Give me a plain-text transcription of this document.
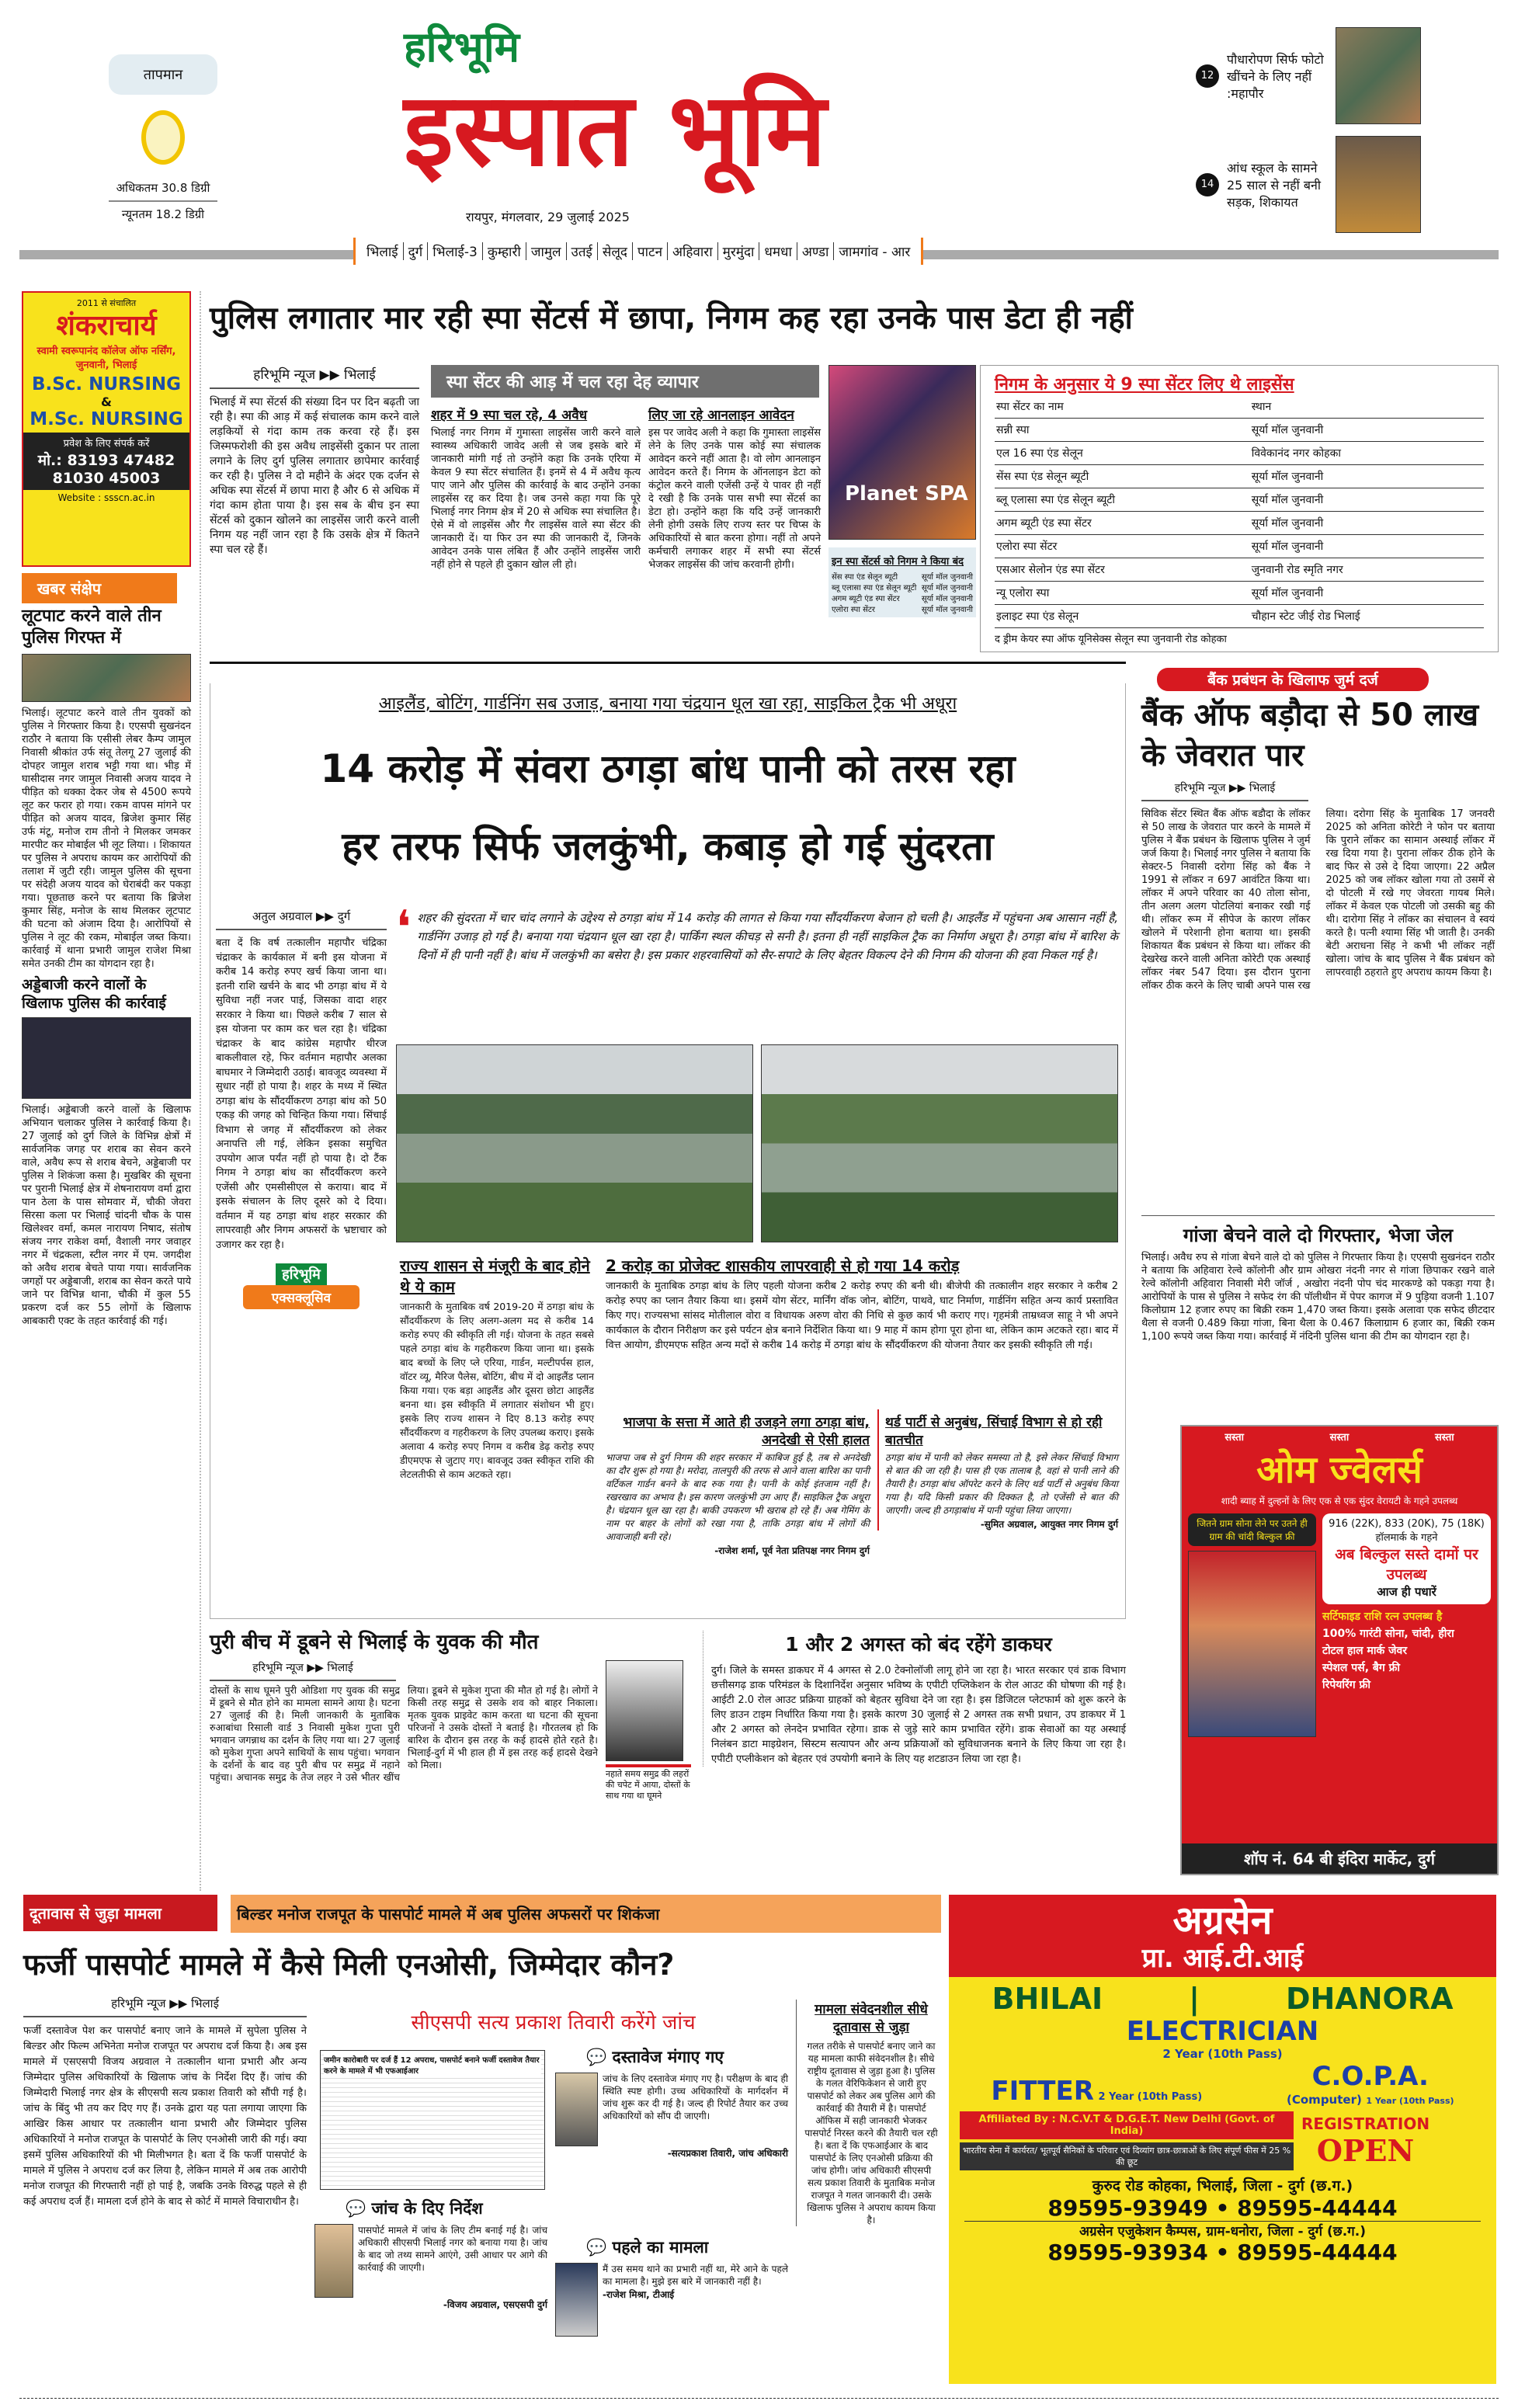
तापमान
अधिकतम 30.8 डिग्री
न्यूनतम 18.2 डिग्री
हरिभूमि
इस्पात भूमि
रायपुर, मंगलवार, 29 जुलाई 2025
12
पौधारोपण सिर्फ फोटो खींचने के लिए नहीं :महापौर
14
आंध स्कूल के सामने 25 साल से नहीं बनी सड़क, शिकायत
भिलाई दुर्ग भिलाई-3 कुम्हारी जामुल उतई सेलूद पाटन अहिवारा मुरमुंदा धमधा अण्डा जामगांव - आर
2011 से संचालित
शंकराचार्य
स्वामी स्वरूपानंद कॉलेज ऑफ नर्सिंग, जुनवानी, भिलाई
B.Sc. NURSING
&
M.Sc. NURSING
प्रवेश के लिए संपर्क करें
मो.: 83193 47482
81030 45003
Website : ssscn.ac.in
खबर संक्षेप
लूटपाट करने वाले तीन पुलिस गिरफ्त में

भिलाई। लूटपाट करने वाले तीन युवकों को पुलिस ने गिरफ्तार किया है। एएसपी सुखनंदन राठौर ने बताया कि एसीसी लेबर कैम्प जामुल निवासी श्रीकांत उर्फ संतू तेलगू 27 जुलाई की दोपहर जामुल शराब भट्टी गया था। भीड़ में घासीदास नगर जामुल निवासी अजय यादव ने पीड़ित को धक्का देकर जेब से 4500 रूपये लूट कर फरार हो गया। रकम वापस मांगने पर पीड़ित को अजय यादव, ब्रिजेश कुमार सिंह उर्फ मंटू, मनोज राम तीनो ने मिलकर जमकर मारपीट कर मोबाईल भी लूट लिया। । शिकायत पर पुलिस ने अपराध कायम कर आरोपियों की तलाश में जुटी रही। जामुल पुलिस की सूचना पर संदेही अजय यादव को घेराबंदी कर पकड़ा गया। पूछताछ करने पर बताया कि ब्रिजेश कुमार सिंह, मनोज के साथ मिलकर लूटपाट की घटना को अंजाम दिया है। आरोपियों से पुलिस ने लूट की रकम, मोबाईल जब्त किया। कार्रवाई में थाना प्रभारी जामुल राजेश मिश्रा समेत उनकी टीम का योगदान रहा है।

अड्डेबाजी करने वालों के खिलाफ पुलिस की कार्रवाई

भिलाई। अड्डेबाजी करने वालों के खिलाफ अभियान चलाकर पुलिस ने कार्रवाई किया है। 27 जुलाई को दुर्ग जिले के विभिन्न क्षेत्रों में सार्वजनिक जगह पर शराब का सेवन करने वाले, अवैध रूप से शराब बेचने, अड्डेबाजी पर पुलिस ने शिकंजा कसा है। मुखबिर की सूचना पर पुरानी भिलाई क्षेत्र में शेषनारायण वर्मा द्वारा पान ठेला के पास सोमवार में, चौकी जेवरा सिरसा कला पर भिलाई चांदनी चौक के पास खिलेश्वर वर्मा, कमल नारायण निषाद, संतोष संजय नगर राकेश वर्मा, वैशाली नगर जवाहर नगर में चंद्रकला, स्टील नगर में एम. जगदीश को अवैध शराब बेचते पाया गया। सार्वजनिक जगहों पर अड्डेबाजी, शराब का सेवन करते पाये जाने पर विभिन्न थाना, चौकी में कुल 55 प्रकरण दर्ज कर 55 लोगों के खिलाफ आबकारी एक्ट के तहत कार्रवाई की गई।

पुलिस लगातार मार रही स्पा सेंटर्स में छापा, निगम कह रहा उनके पास डेटा ही नहीं
हरिभूमि न्यूज ▶▶ भिलाई

भिलाई में स्पा सेंटर्स की संख्या दिन पर दिन बढ़ती जा रही है। स्पा की आड़ में कई संचालक काम करने वाले लड़कियों से गंदा काम तक करवा रहे हैं। इस जिस्मफरोशी की इस अवैध लाइसेंसी दुकान पर ताला लगाने के लिए दुर्ग पुलिस लगातार छापेमार कार्रवाई कर रही है। पुलिस ने दो महीने के अंदर एक दर्जन से अधिक स्पा सेंटर्स में छापा मारा है और 6 से अधिक में गंदा काम होता पाया है। इस सब के बीच इन स्पा सेंटर्स को दुकान खोलने का लाइसेंस जारी करने वाली निगम यह नहीं जान रहा है कि उसके क्षेत्र में कितने स्पा चल रहे हैं।

स्पा सेंटर की आड़ में चल रहा देह व्यापार
शहर में 9 स्पा चल रहे, 4 अवैध

भिलाई नगर निगम में गुमास्ता लाइसेंस जारी करने वाले स्वास्थ्य अधिकारी जावेद अली से जब इसके बारे में जानकारी मांगी गई तो उन्होंने कहा कि उनके एरिया में केवल 9 स्पा सेंटर संचालित हैं। इनमें से 4 में अवैध कृत्य पाए जाने और पुलिस की कार्रवाई के बाद उन्होंने उनका लाइसेंस रद्द कर दिया है। जब उनसे कहा गया कि पूरे भिलाई नगर निगम क्षेत्र में 20 से अधिक स्पा संचालित है। ऐसे में वो लाइसेंस और गैर लाइसेंस वाले स्पा सेंटर की जानकारी दें। या फिर उन स्पा की जानकारी दें, जिनके आवेदन उनके पास लंबित हैं और उन्होंने लाइसेंस जारी नहीं होने से पहले ही दुकान खोल ली हो।

लिए जा रहे आनलाइन आवेदन

इस पर जावेद अली ने कहा कि गुमास्ता लाइसेंस लेने के लिए उनके पास कोई स्पा संचालक आवेदन करने नहीं आता है। वो लोग आनलाइन आवेदन करते हैं। निगम के ऑनलाइन डेटा को कंट्रोल करने वाली एजेंसी उन्हें ये पावर ही नहीं दे रखी है कि उनके पास सभी स्पा सेंटर्स का डेटा हो। उन्होंने कहा कि यदि उन्हें जानकारी लेनी होगी उसके लिए राज्य स्तर पर चिप्स के अधिकारियों से बात करना होगा। नहीं तो अपने कर्मचारी लगाकर शहर में सभी स्पा सेंटर्स भेजकर लाइसेंस की जांच करवानी होगी।

Planet SPA
इन स्पा सेंटर्स को निगम ने किया बंद
सेंस स्पा एंड सेलून ब्यूटी	सूर्या मॉल जुनवानी
ब्लू एलासा स्पा एंड सेलून ब्यूटी सूर्या मॉल जुनवानी
अगम ब्यूटी एंड स्पा सेंटर	सूर्या मॉल जुनवानी
एलोरा स्पा सेंटर	सूर्या मॉल जुनवानी
निगम के अनुसार ये 9 स्पा सेंटर लिए थे लाइसेंस
स्पा सेंटर का नाम	स्थान
सन्नी स्पा	सूर्या मॉल जुनवानी
एल 16 स्पा एंड सेलून	विवेकानंद नगर कोहका
सेंस स्पा एंड सेलून ब्यूटी	सूर्या मॉल जुनवानी
ब्लू एलासा स्पा एंड सेलून ब्यूटी	सूर्या मॉल जुनवानी
अगम ब्यूटी एंड स्पा सेंटर	सूर्या मॉल जुनवानी
एलोरा स्पा सेंटर	सूर्या मॉल जुनवानी
एसआर सेलोन एंड स्पा सेंटर	जुनवानी रोड स्मृति नगर
न्यू एलोरा स्पा	सूर्या मॉल जुनवानी
इलाइट स्पा एंड सेलून	चौहान स्टेट जीई रोड भिलाई
द ड्रीम केयर स्पा ऑफ यूनिसेक्स सेलून स्पा जुनवानी रोड कोहका
आइलैंड, बोटिंग, गार्डनिंग सब उजाड़, बनाया गया चंद्रयान धूल खा रहा, साइकिल ट्रैक भी अधूरा
14 करोड़ में संवरा ठगड़ा बांध पानी को तरस रहा
हर तरफ सिर्फ जलकुंभी, कबाड़ हो गई सुंदरता
अतुल अग्रवाल ▶▶ दुर्ग

बता दें कि वर्ष तत्कालीन महापौर चंद्रिका चंद्राकर के कार्यकाल में बनी इस योजना में करीब 14 करोड़ रुपए खर्च किया जाना था। इतनी राशि खर्चने के बाद भी ठगड़ा बांध में ये सुविधा नहीं नजर पाई, जिसका वादा शहर सरकार ने किया था। पिछले करीब 7 साल से इस योजना पर काम कर चल रहा है। चंद्रिका चंद्राकर के बाद कांग्रेस महापौर धीरज बाकलीवाल रहे, फिर वर्तमान महापौर अलका बाघमार ने जिम्मेदारी उठाई। बावजूद व्यवस्था में सुधार नहीं हो पाया है। शहर के मध्य में स्थित ठगड़ा बांध के सौंदर्यीकरण ठगड़ा बांध को 50 एकड़ की जगह को चिन्हित किया गया। सिंचाई विभाग से जगह में सौंदर्यीकरण को लेकर अनापत्ति ली गई, लेकिन इसका समुचित उपयोग आज पर्यंत नहीं हो पाया है। दो टैंक निगम ने ठगड़ा बांध का सौंदर्यीकरण करने एजेंसी और एमसीसीएल से कराया। बाद में इसके संचालन के लिए दूसरे को दे दिया। वर्तमान में यह ठगड़ा बांध शहर सरकार की लापरवाही और निगम अफसरों के भ्रष्टाचार को उजागर कर रहा है।

हरिभूमि
एक्सक्लूसिव
❛ शहर की सुंदरता में चार चांद लगाने के उद्देश्य से ठगड़ा बांध में 14 करोड़ की लागत से किया गया सौंदर्यीकरण बेजान हो चली है। आइलैंड में पहुंचना अब आसान नहीं है, गार्डनिंग उजाड़ हो गई है। बनाया गया चंद्रयान धूल खा रहा है। पार्किंग स्थल कीचड़ से सनी है। इतना ही नहीं साइकिल ट्रैक का निर्माण अधूरा है। ठगड़ा बांध में बारिश के दिनों में ही पानी नहीं है। बांध में जलकुंभी का बसेरा है। इस प्रकार शहरवासियों को सैर-सपाटे के लिए बेहतर विकल्प देने की निगम की योजना की हवा निकल गई है।

राज्य शासन से मंजूरी के बाद होने थे ये काम

जानकारी के मुताबिक वर्ष 2019-20 में ठगड़ा बांध के सौंदर्यीकरण के लिए अलग-अलग मद से करीब 14 करोड़ रुपए की स्वीकृति ली गई। योजना के तहत सबसे पहले ठगड़ा बांध के गहरीकरण किया जाना था। इसके बाद बच्चों के लिए प्ले एरिया, गार्डन, मल्टीपर्पस हाल, वॉटर व्यू, मैरिज पैलेस, बोटिंग, बीच में दो आइलैंड प्लान किया गया। एक बड़ा आइलैंड और दूसरा छोटा आइलैंड बनना था। इस स्वीकृति में लगातार संशोधन भी हुए। इसके लिए राज्य शासन ने दिए 8.13 करोड़ रुपए सौंदर्यीकरण व गहरीकरण के लिए उपलब्ध कराए। इसके अलावा 4 करोड़ रुपए निगम व करीब डेढ़ करोड़ रुपए डीएमएफ से जुटाए गए। बावजूद उक्त स्वीकृत राशि की लेटलतीफी से काम अटकते रहा।

2 करोड़ का प्रोजेक्ट शासकीय लापरवाही से हो गया 14 करोड़

जानकारी के मुताबिक ठगड़ा बांध के लिए पहली योजना करीब 2 करोड़ रुपए की बनी थी। बीजेपी की तत्कालीन शहर सरकार ने करीब 2 करोड़ रुपए का प्लान तैयार किया था। इसमें योग सेंटर, मार्निंग वॉक जोन, बोटिंग, पाथवे, घाट निर्माण, गार्डनिंग सहित अन्य कार्य प्रस्तावित किए गए। राज्यसभा सांसद मोतीलाल वोरा व विधायक अरुण वोरा की निधि से कुछ कार्य भी कराए गए। गृहमंत्री ताम्रध्वज साहू ने भी अपने कार्यकाल के दौरान निरीक्षण कर इसे पर्यटन क्षेत्र बनाने निर्देशित किया था। 9 माह में काम होगा पूरा होना था, लेकिन काम अटकते रहा। बाद में वित्त आयोग, डीएमएफ सहित अन्य मदों से करीब 14 करोड़ में ठगड़ा बांध के सौंदर्यीकरण की योजना तैयार कर इसकी स्वीकृति ली गई।

भाजपा के सत्ता में आते ही उजड़ने लगा ठगड़ा बांध, अनदेखी से ऐसी हालत

भाजपा जब से दुर्ग निगम की शहर सरकार में काबिज हुई है, तब से अनदेखी का दौर शुरू हो गया है। मरोदा, तालपुरी की तरफ से आने वाला बारिश का पानी वर्टिकल गार्डन बनने के बाद रुक गया है। पानी के कोई इंतजाम नहीं है। रखरखाव का अभाव है। इस कारण जलकुंभी उग आए हैं। साइकिल ट्रैक अधूरा है। चंद्रयान धूल खा रहा है। बाकी उपकरण भी खराब हो रहे हैं। अब गेमिंग के नाम पर बाहर के लोगों को रखा गया है, ताकि ठगड़ा बांध में लोगों की आवाजाही बनी रहे।

-राजेश शर्मा, पूर्व नेता प्रतिपक्ष नगर निगम दुर्ग
थर्ड पार्टी से अनुबंध, सिंचाई विभाग से हो रही बातचीत

ठगड़ा बांध में पानी को लेकर समस्या तो है, इसे लेकर सिंचाई विभाग से बात की जा रही है। पास ही एक तालाब है, वहां से पानी लाने की तैयारी है। ठगड़ा बांध ऑपरेट करने के लिए थर्ड पार्टी से अनुबंध किया गया है। यदि किसी प्रकार की दिक्कत है, तो एजेंसी से बात की जाएगी। जल्द ही ठगड़ाबांध में पानी पहुंचा लिया जाएगा।

-सुमित अग्रवाल, आयुक्त नगर निगम दुर्ग
बैंक प्रबंधन के खिलाफ जुर्म दर्ज
बैंक ऑफ बड़ौदा से 50 लाख के जेवरात पार
हरिभूमि न्यूज ▶▶ भिलाई

सिविक सेंटर स्थित बैंक ऑफ बडौदा के लॉकर से 50 लाख के जेवरात पार करने के मामले में पुलिस ने बैंक प्रबंधन के खिलाफ पुलिस ने जुर्म जर्ज किया है। भिलाई नगर पुलिस ने बताया कि सेक्टर-5 निवासी दरोगा सिंह को बैंक ने 1991 से लॉकर न 697 आवंटित किया था। लॉकर में अपने परिवार का 40 तोला सोना, तीन अलग अलग पोटलियां बनाकर रखी गई थी। लॉकर रूम में सीपेज के कारण लॉकर खोलने में परेशानी होना बताया था। इसकी शिकायत बैंक प्रबंधन से किया था। लॉकर की देखरेख करने वाली अनिता कोरेटी एक अस्थाई लॉकर नंबर 547 दिया। इस दौरान पुराना लॉकर ठीक करने के लिए चाबी अपने पास रख लिया। दरोगा सिंह के मुताबिक 17 जनवरी 2025 को अनिता कोरेटी ने फोन पर बताया कि पुराने लॉकर का सामान अस्थाई लॉकर में रख दिया गया है। पुराना लॉकर ठीक होने के बाद फिर से उसे दे दिया जाएगा। 22 अप्रैल 2025 को जब लॉकर खोला गया तो उसमें से दो पोटली में रखे गए जेवरता गायब मिले। लॉकर में केवल एक पोटली जो उसकी बहु की थी। दारोगा सिंह ने लॉकर का संचालन वे स्वयं करते है। पत्नी श्यामा सिंह भी जाती है। उनकी बेटी अराधना सिंह ने कभी भी लॉकर नहीं खोला। जांच के बाद पुलिस ने बैंक प्रबंधन को लापरवाही ठहराते हुए अपराध कायम किया है।

गांजा बेचने वाले दो गिरफ्तार, भेजा जेल

भिलाई। अवैध रुप से गांजा बेचने वाले दो को पुलिस ने गिरफ्तार किया है। एएसपी सुखनंदन राठौर ने बताया कि अहिवारा रेल्वे कॉलोनी और ग्राम ओखरा नंदनी नगर से गांजा छिपाकर रखने वाले रेल्वे कॉलोनी अहिवारा निवासी मेरी जॉर्ज , अखोरा नंदनी पोप चंद मारकण्डे को पकड़ा गया है। आरोपियों के पास से पुलिस ने सफेद रंग की पॉलीथीन में पेपर कागज में 9 पुड़िया वजनी 1.107 किलोग्राम 12 हजार रुपए का बिक्री रकम 1,470 जब्त किया। इसके अलावा एक सफेद छीटदार थैला से वजनी 0.489 किग्रा गांजा, बिना थैला के 0.467 किलाग्राम 6 हजार का, बिक्री रकम 1,100 रूपये जब्त किया गया। कार्रवाई में नंदिनी पुलिस थाना की टीम का योगदान रहा है।

सस्ता	सस्ता	सस्ता
ओम ज्वेलर्स
शादी ब्याह में दुल्हनों के लिए एक से एक सुंदर वेरायटी के गहने उपलब्ध
जितने ग्राम सोना लेने पर उतने ही ग्राम की चांदी बिल्कुल फ्री
916 (22K), 833 (20K), 75 (18K) हॉलमार्क के गहने
अब बिल्कुल सस्ते दामों पर उपलब्ध
आज ही पधारें
सर्टिफाइड राशि रत्न उपलब्ध है
100% गारंटी सोना, चांदी, हीरा
टोटल हाल मार्क जेवर
स्पेशल पर्स, बैग फ्री
रिपेयरिंग फ्री
शॉप नं. 64 बी इंदिरा मार्केट, दुर्ग
पुरी बीच में डूबने से भिलाई के युवक की मौत
हरिभूमि न्यूज ▶▶ भिलाई

दोस्तों के साथ घूमने पुरी ओडिशा गए युवक की समुद्र में डूबने से मौत होने का मामला सामने आया है। घटना 27 जुलाई की है। मिली जानकारी के मुताबिक रुआबांधा रिसाली वार्ड 3 निवासी मुकेश गुप्ता पुरी भगवान जगन्नाथ का दर्शन के लिए गया था। 27 जुलाई को मुकेश गुप्ता अपने साथियों के साथ पहुंचा। भगवान के दर्शनों के बाद वह पुरी बीच पर समुद्र में नहाने पहुंचा। अचानक समुद्र के तेज लहर ने उसे भीतर खींच लिया। डूबने से मुकेश गुप्ता की मौत हो गई है। लोगों ने किसी तरह समुद्र से उसके शव को बाहर निकाला। मृतक युवक प्राइवेट काम करता था घटना की सूचना परिजनों ने उसके दोस्तों ने बताई है। गौरतलब हो कि बारिश के दौरान इस तरह के कई हादसे होते रहते है। भिलाई-दुर्ग में भी हाल ही में इस तरह कई हादसे देखने को मिला।

नहाते समय समुद्र की लहरों की चपेट में आया, दोस्तों के साथ गया था घूमने
1 और 2 अगस्त को बंद रहेंगे डाकघर

दुर्ग। जिले के समस्त डाकघर में 4 अगस्त से 2.0 टेक्नोलॉजी लागू होने जा रहा है। भारत सरकार एवं डाक विभाग छत्तीसगढ़ डाक परिमंडल के दिशानिर्देश अनुसार भविष्य के एपीटी एप्लिकेशन के रोल आउट की घोषणा की गई है। आईटी 2.0 रोल आउट प्रक्रिया ग्राहकों को बेहतर सुविधा देने जा रहा है। इस डिजिटल प्लेटफार्म को शुरू करने के लिए डाउन टाइम निर्धारित किया गया है। इसके कारण 30 जुलाई से 2 अगस्त तक सभी प्रधान, उप डाकघर में 1 और 2 अगस्त को लेनदेन प्रभावित रहेगा। डाक से जुड़े सारे काम प्रभावित रहेंगे। डाक सेवाओं का यह अस्थाई निलंबन डाटा माइग्रेशन, सिस्टम सत्यापन और अन्य प्रक्रियाओं को सुविधाजनक बनाने के लिए किया जा रहा है। एपीटी एप्लीकेशन को बेहतर एवं उपयोगी बनाने के लिए यह शटडाउन लिया जा रहा है।

दूतावास से जुड़ा मामला	बिल्डर मनोज राजपूत के पासपोर्ट मामले में अब पुलिस अफसरों पर शिकंजा
फर्जी पासपोर्ट मामले में कैसे मिली एनओसी, जिम्मेदार कौन?
हरिभूमि न्यूज ▶▶ भिलाई

फर्जी दस्तावेज पेश कर पासपोर्ट बनाए जाने के मामले में सुपेला पुलिस ने बिल्डर और फिल्म अभिनेता मनोज राजपूत पर अपराध दर्ज किया है। अब इस मामले में एसएसपी विजय अग्रवाल ने तत्कालीन थाना प्रभारी और अन्य जिम्मेदार पुलिस अधिकारियों के खिलाफ जांच के निर्देश दिए हैं। जांच की जिम्मेदारी भिलाई नगर क्षेत्र के सीएसपी सत्य प्रकाश तिवारी को सौंपी गई है। जांच के बिंदु भी तय कर दिए गए हैं। उनके द्वारा यह पता लगाया जाएगा कि आखिर किस आधार पर तत्कालीन थाना प्रभारी और जिम्मेदार पुलिस अधिकारियों ने मनोज राजपूत के पासपोर्ट के लिए एनओसी जारी की गई। क्या इसमें पुलिस अधिकारियों की भी मिलीभगत है। बता दें कि फर्जी पासपोर्ट के मामले में पुलिस ने अपराध दर्ज कर लिया है, लेकिन मामले में अब तक आरोपी मनोज राजपूत की गिरफ्तारी नहीं हो पाई है, जबकि उनके विरुद्ध पहले से ही कई अपराध दर्ज हैं। मामला दर्ज होने के बाद से कोर्ट में मामले विचाराधीन है।

सीएसपी सत्य प्रकाश तिवारी करेंगे जांच
जमीन कारोबारी पर दर्ज हैं 12 अपराध, पासपोर्ट बनाने फर्जी दस्तावेज तैयार करने के मामले में भी एफआईआर
💬 दस्तावेज मंगाए गए

जांच के लिए दस्तावेज मंगाए गए है। परीक्षण के बाद ही स्थिति स्पष्ट होगी। उच्च अधिकारियों के मार्गदर्शन में जांच शुरू कर दी गई है। जल्द ही रिपोर्ट तैयार कर उच्च अधिकारियों को सौंप दी जाएगी।

-सत्यप्रकाश तिवारी, जांच अधिकारी
💬 जांच के दिए निर्देश

पासपोर्ट मामले में जांच के लिए टीम बनाई गई है। जांच अधिकारी सीएसपी भिलाई नगर को बनाया गया है। जांच के बाद जो तथ्य सामने आएंगे, उसी आधार पर आगे की कार्रवाई की जाएगी।

-विजय अग्रवाल, एसएसपी दुर्ग
💬 पहले का मामला

मैं उस समय थाने का प्रभारी नहीं था, मेरे आने के पहले का मामला है। मुझे इस बारे में जानकारी नहीं है।

-राजेश मिश्रा, टीआई
मामला संवेदनशील सीधे दूतावास से जुड़ा

गलत तरीके से पासपोर्ट बनाए जाने का यह मामला काफी संवेदनशील है। सीधे राष्ट्रीय दूतावास से जुड़ा हुआ है। पुलिस के गलत वेरिफिकेशन से जारी हुए पासपोर्ट को लेकर अब पुलिस आगे की कार्रवाई की तैयारी में है। पासपोर्ट ऑफिस में सही जानकारी भेजकर पासपोर्ट निरस्त करने की तैयारी चल रही है। बता दें कि एफआईआर के बाद पासपोर्ट के लिए एनओसी प्रक्रिया की जांच होगी। जांच अधिकारी सीएसपी सत्य प्रकाश तिवारी के मुताबिक मनोज राजपूत ने गलत जानकारी दी। उसके खिलाफ पुलिस ने अपराध कायम किया है।

अग्रसेन
प्रा. आई.टी.आई
BHILAI	|	DHANORA
ELECTRICIAN
2 Year (10th Pass)
FITTER 2 Year (10th Pass)
C.O.P.A.
(Computer) 1 Year (10th Pass)
Affiliated By : N.C.V.T & D.G.E.T. New Delhi (Govt. of India)
भारतीय सेना में कार्यरत/ भूतपूर्व सैनिकों के परिवार एवं दिव्यांग छात्र-छात्राओं के लिए संपूर्ण फीस में 25 % की छूट
REGISTRATION
OPEN
कुरुद रोड कोहका, भिलाई, जिला - दुर्ग (छ.ग.)
89595-93949 • 89595-44444
अग्रसेन एजुकेशन कैम्पस, ग्राम-धनोरा, जिला - दुर्ग (छ.ग.)
89595-93934 • 89595-44444
